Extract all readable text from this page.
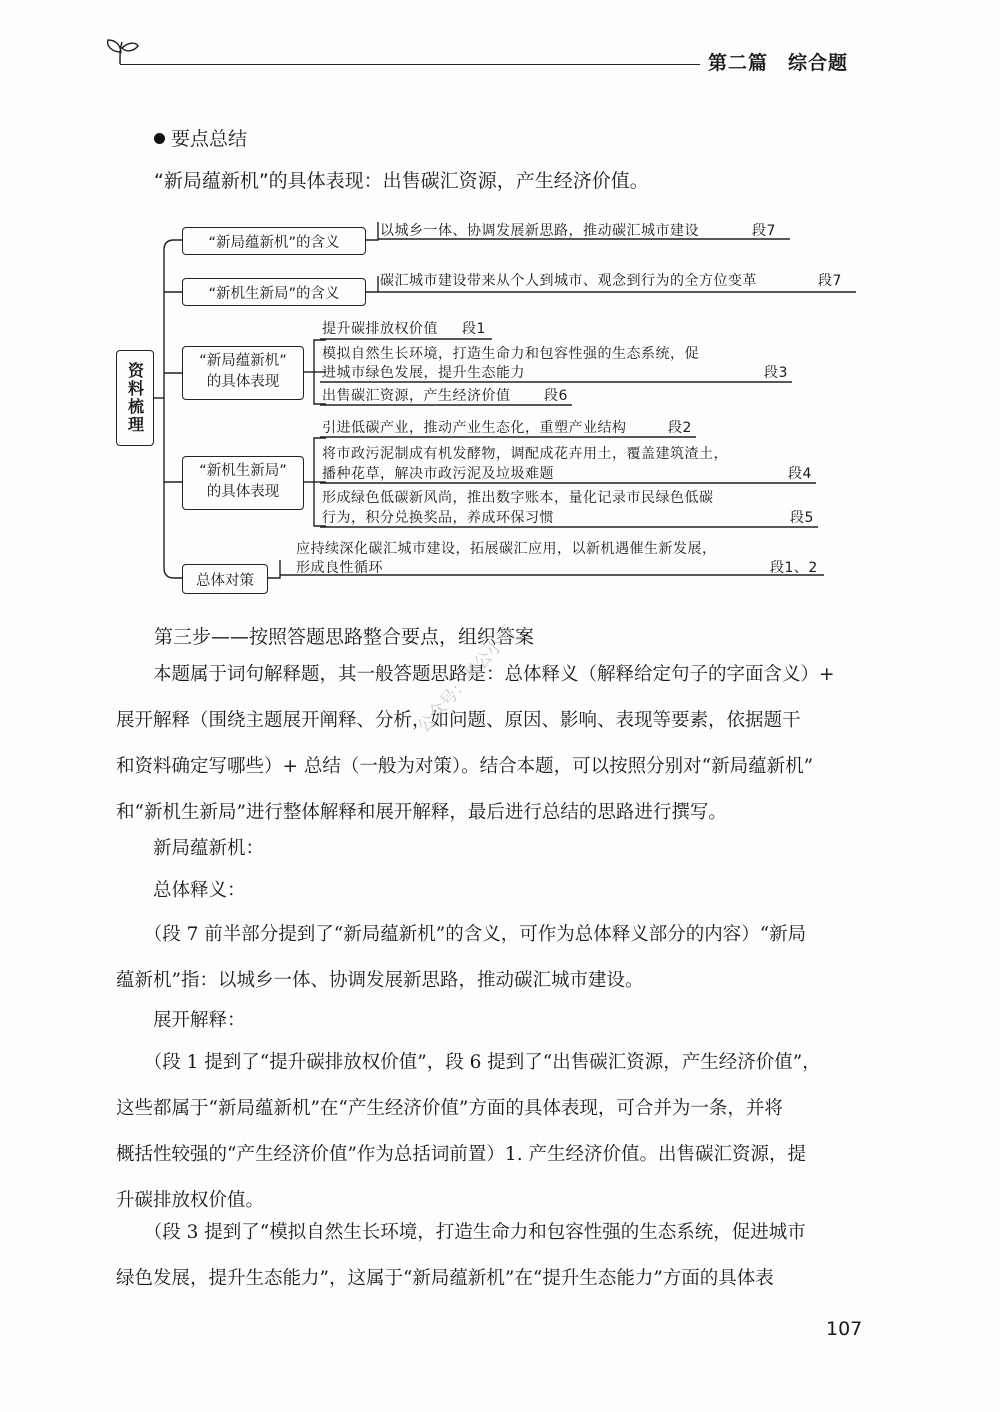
第二篇　 综合题
要点总结
“新局蕴新机”的具体表现：出售碳汇资源，产生经济价值。
资料梳理
“新局蕴新机”的含义
以城乡一体、协调发展新思路，推动碳汇城市建设	段7
“新机生新局”的含义
碳汇城市建设带来从个人到城市、观念到行为的全方位变革	段7
“新局蕴新机”
的具体表现
提升碳排放权价值 段1
模拟自然生长环境，打造生命力和包容性强的生态系统，促
进城市绿色发展，提升生态能力	段3
出售碳汇资源，产生经济价值 段6
“新机生新局”
的具体表现
引进低碳产业，推动产业生态化，重塑产业结构	段2
将市政污泥制成有机发酵物，调配成花卉用土，覆盖建筑渣土，
播种花草，解决市政污泥及垃圾难题	段4
形成绿色低碳新风尚，推出数字账本，量化记录市民绿色低碳
行为，积分兑换奖品，养成环保习惯	段5
总体对策
应持续深化碳汇城市建设，拓展碳汇应用，以新机遇催生新发展，
形成良性循环	段1、2
第三步——按照答题思路整合要点，组织答案
　　本题属于词句解释题，其一般答题思路是：总体释义（解释给定句子的字面含义）+
展开解释（围绕主题展开阐释、分析，如问题、原因、影响、表现等要素，依据题干
和资料确定写哪些）+ 总结（一般为对策）。结合本题，可以按照分别对“新局蕴新机”
和“新机生新局”进行整体解释和展开解释，最后进行总结的思路进行撰写。
　　新局蕴新机：
　　总体释义：
　　（段 7 前半部分提到了“新局蕴新机”的含义，可作为总体释义部分的内容）“新局
蕴新机”指：以城乡一体、协调发展新思路，推动碳汇城市建设。
　　展开解释：
　　（段 1 提到了“提升碳排放权价值”，段 6 提到了“出售碳汇资源，产生经济价值”，
这些都属于“新局蕴新机”在“产生经济价值”方面的具体表现，可合并为一条，并将
概括性较强的“产生经济价值”作为总括词前置）1. 产生经济价值。出售碳汇资源，提
升碳排放权价值。
　　（段 3 提到了“模拟自然生长环境，打造生命力和包容性强的生态系统，促进城市
绿色发展，提升生态能力”，这属于“新局蕴新机”在“提升生态能力”方面的具体表
公众号：考公小哥
107
